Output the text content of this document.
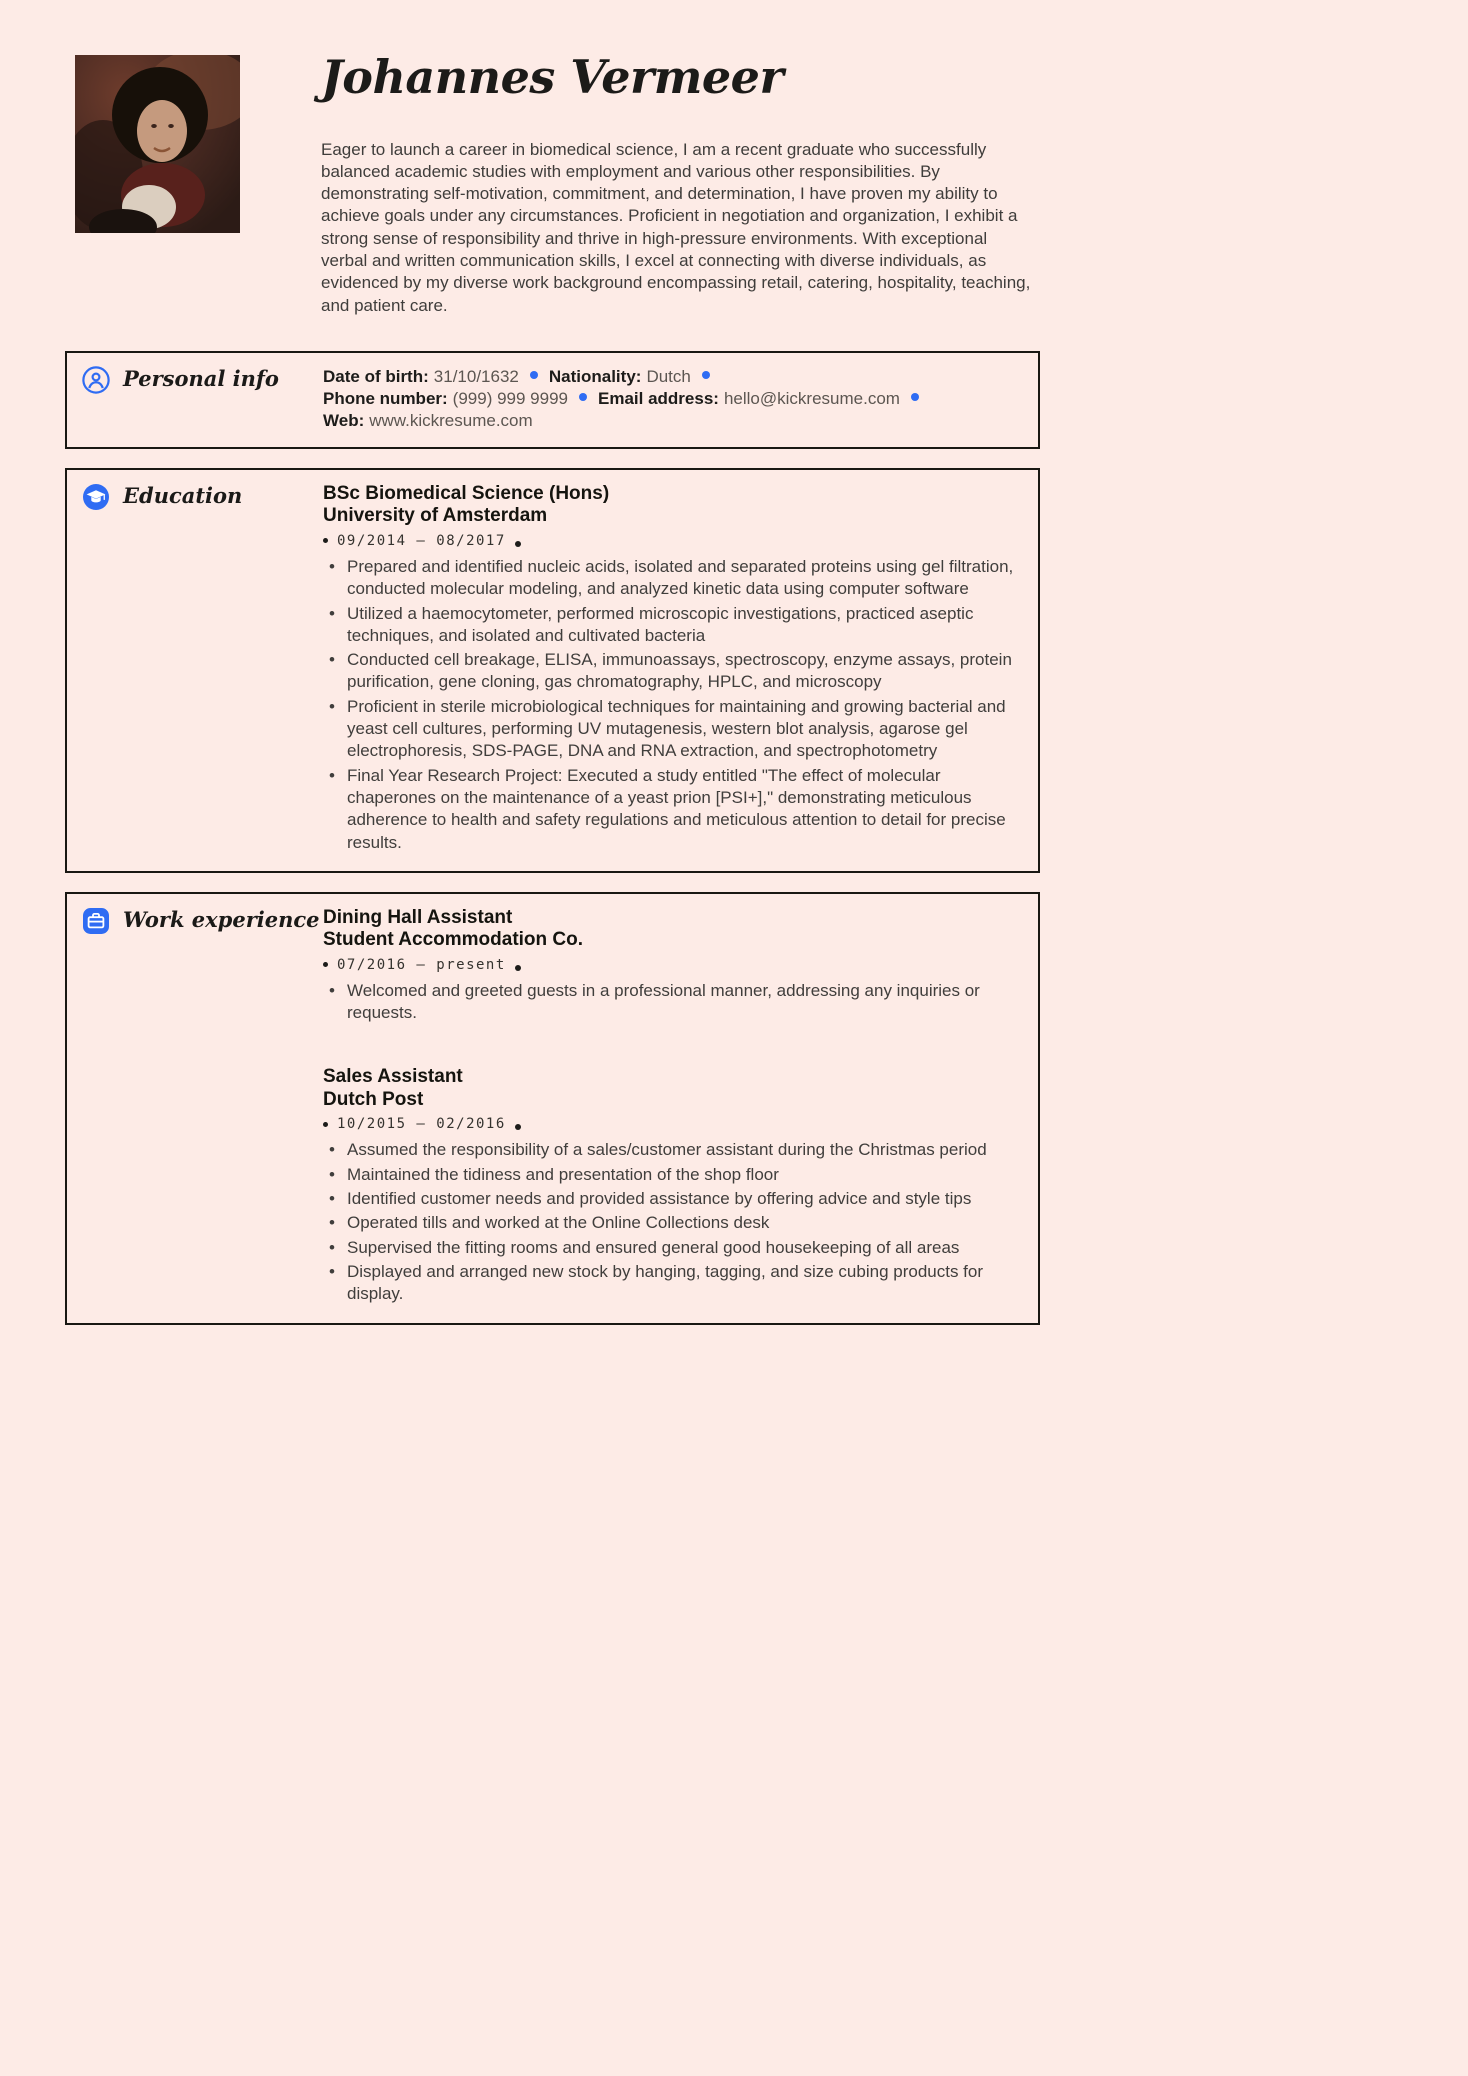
Johannes Vermeer

Eager to launch a career in biomedical science, I am a recent graduate who successfully balanced academic studies with employment and various other responsibilities. By demonstrating self-motivation, commitment, and determination, I have proven my ability to achieve goals under any circumstances. Proficient in negotiation and organization, I exhibit a strong sense of responsibility and thrive in high-pressure environments. With exceptional verbal and written communication skills, I excel at connecting with diverse individuals, as evidenced by my diverse work background encompassing retail, catering, hospitality, teaching, and patient care.

Personal info	Date of birth: 31/10/1632 Nationality: Dutch
Phone number: (999) 999 9999 Email address: hello@kickresume.com
Web: www.kickresume.com
Education	BSc Biomedical Science (Hons)
University of Amsterdam
09/2014 – 08/2017
• Prepared and identified nucleic acids, isolated and separated proteins using gel filtration, conducted molecular modeling, and analyzed kinetic data using computer software
• Utilized a haemocytometer, performed microscopic investigations, practiced aseptic techniques, and isolated and cultivated bacteria
• Conducted cell breakage, ELISA, immunoassays, spectroscopy, enzyme assays, protein purification, gene cloning, gas chromatography, HPLC, and microscopy
• Proficient in sterile microbiological techniques for maintaining and growing bacterial and yeast cell cultures, performing UV mutagenesis, western blot analysis, agarose gel electrophoresis, SDS-PAGE, DNA and RNA extraction, and spectrophotometry
• Final Year Research Project: Executed a study entitled "The effect of molecular chaperones on the maintenance of a yeast prion [PSI+]," demonstrating meticulous adherence to health and safety regulations and meticulous attention to detail for precise results.
Work experience Dining Hall Assistant
Student Accommodation Co.
07/2016 – present
• Welcomed and greeted guests in a professional manner, addressing any inquiries or requests.
Sales Assistant
Dutch Post
10/2015 – 02/2016
• Assumed the responsibility of a sales/customer assistant during the Christmas period
• Maintained the tidiness and presentation of the shop floor
• Identified customer needs and provided assistance by offering advice and style tips
• Operated tills and worked at the Online Collections desk
• Supervised the fitting rooms and ensured general good housekeeping of all areas
• Displayed and arranged new stock by hanging, tagging, and size cubing products for display.
